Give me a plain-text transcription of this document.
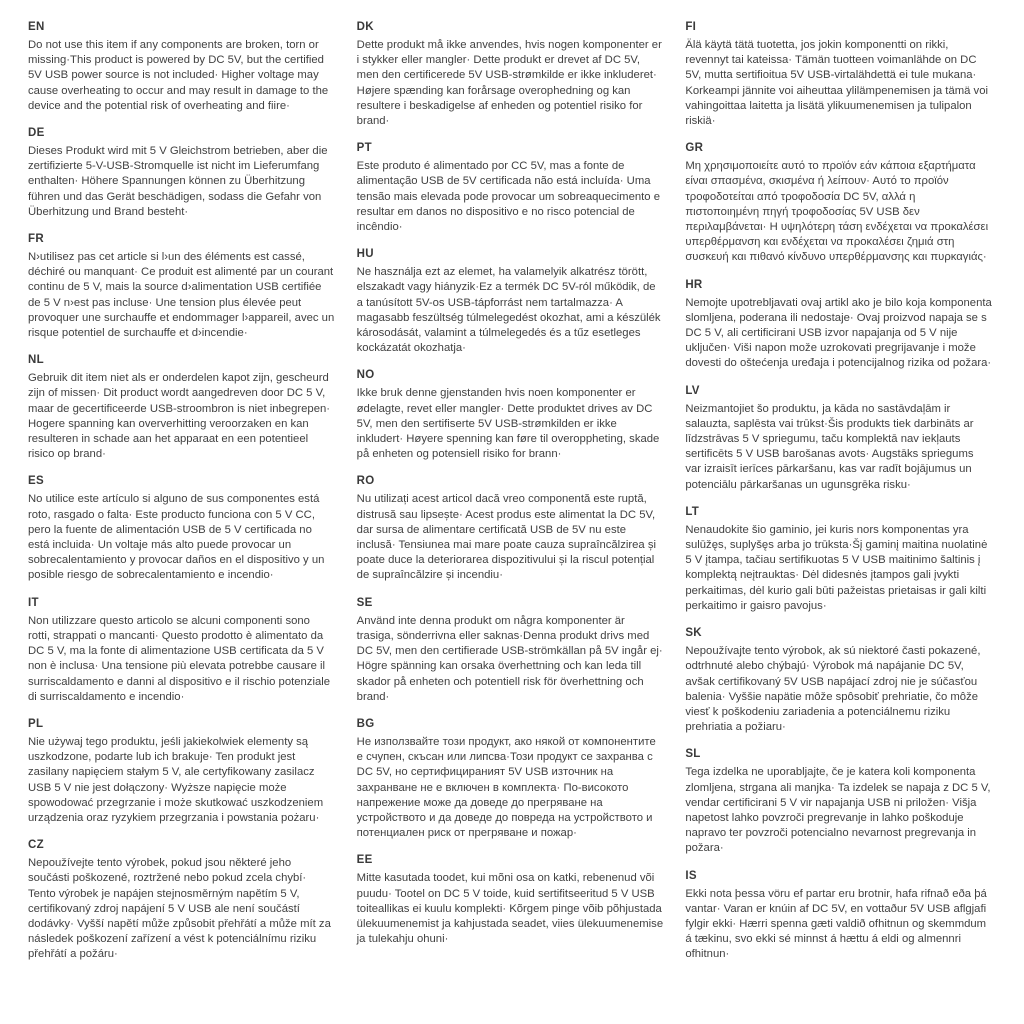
EN

Do not use this item if any components are broken, torn or missing·This product is powered by DC 5V, but the certified 5V USB power source is not included· Higher voltage may cause overheating to occur and may result in damage to the device and the potential risk of overheating and fiire·

DE

Dieses Produkt wird mit 5 V Gleichstrom betrieben, aber die zertifizierte 5-V-USB-Stromquelle ist nicht im Lieferumfang enthalten· Höhere Spannungen können zu Überhitzung führen und das Gerät beschädigen, sodass die Gefahr von Überhitzung und Brand besteht·

FR

N›utilisez pas cet article si l›un des éléments est cassé, déchiré ou manquant· Ce produit est alimenté par un courant continu de 5 V, mais la source d›alimentation USB certifiée de 5 V n›est pas incluse· Une tension plus élevée peut provoquer une surchauffe et endommager l›appareil, avec un risque potentiel de surchauffe et d›incendie·

NL

Gebruik dit item niet als er onderdelen kapot zijn, gescheurd zijn of missen· Dit product wordt aangedreven door DC 5 V, maar de gecertificeerde USB-stroombron is niet inbegrepen· Hogere spanning kan oververhitting veroorzaken en kan resulteren in schade aan het apparaat en een potentieel risico op brand·

ES

No utilice este artículo si alguno de sus componentes está roto, rasgado o falta· Este producto funciona con 5 V CC, pero la fuente de alimentación USB de 5 V certificada no está incluida· Un voltaje más alto puede provocar un sobrecalentamiento y provocar daños en el dispositivo y un posible riesgo de sobrecalentamiento e incendio·

IT

Non utilizzare questo articolo se alcuni componenti sono rotti, strappati o mancanti· Questo prodotto è alimentato da DC 5 V, ma la fonte di alimentazione USB certificata da 5 V non è inclusa· Una tensione più elevata potrebbe causare il surriscaldamento e danni al dispositivo e il rischio potenziale di surriscaldamento e incendio·

PL

Nie używaj tego produktu, jeśli jakiekolwiek elementy są uszkodzone, podarte lub ich brakuje· Ten produkt jest zasilany napięciem stałym 5 V, ale certyfikowany zasilacz USB 5 V nie jest dołączony· Wyższe napięcie może spowodować przegrzanie i może skutkować uszkodzeniem urządzenia oraz ryzykiem przegrzania i powstania pożaru·

CZ

Nepoužívejte tento výrobek, pokud jsou některé jeho součásti poškozené, roztržené nebo pokud zcela chybí· Tento výrobek je napájen stejnosměrným napětím 5 V, certifikovaný zdroj napájení 5 V USB ale není součástí dodávky· Vyšší napětí může způsobit přehřátí a může mít za následek poškození zařízení a vést k potenciálnímu riziku přehřátí a požáru·

DK

Dette produkt må ikke anvendes, hvis nogen komponenter er i stykker eller mangler· Dette produkt er drevet af DC 5V, men den certificerede 5V USB-strømkilde er ikke inkluderet· Højere spænding kan forårsage overophedning og kan resultere i beskadigelse af enheden og potentiel risiko for brand·

PT

Este produto é alimentado por CC 5V, mas a fonte de alimentação USB de 5V certificada não está incluída· Uma tensão mais elevada pode provocar um sobreaquecimento e resultar em danos no dispositivo e no risco potencial de incêndio·

HU

Ne használja ezt az elemet, ha valamelyik alkatrész törött, elszakadt vagy hiányzik·Ez a termék DC 5V-ról működik, de a tanúsított 5V-os USB-tápforrást nem tartalmazza· A magasabb feszültség túlmelegedést okozhat, ami a készülék károsodását, valamint a túlmelegedés és a tűz esetleges kockázatát okozhatja·

NO

Ikke bruk denne gjenstanden hvis noen komponenter er ødelagte, revet eller mangler· Dette produktet drives av DC 5V, men den sertifiserte 5V USB-strømkilden er ikke inkludert· Høyere spenning kan føre til overoppheting, skade på enheten og potensiell risiko for brann·

RO

Nu utilizați acest articol dacă vreo componentă este ruptă, distrusă sau lipsește· Acest produs este alimentat la DC 5V, dar sursa de alimentare certificată USB de 5V nu este inclusă· Tensiunea mai mare poate cauza supraîncălzirea și poate duce la deteriorarea dispozitivului și la riscul potențial de supraîncălzire și incendiu·

SE

Använd inte denna produkt om några komponenter är trasiga, sönderrivna eller saknas·Denna produkt drivs med DC 5V, men den certifierade USB-strömkällan på 5V ingår ej· Högre spänning kan orsaka överhettning och kan leda till skador på enheten och potentiell risk för överhettning och brand·

BG

Не използвайте този продукт, ако някой от компонентите е счупен, скъсан или липсва·Този продукт се захранва с DC 5V, но сертифицираният 5V USB източник на захранване не е включен в комплекта· По-високото напрежение може да доведе до прегряване на устройството и да доведе до повреда на устройството и потенциален риск от прегряване и пожар·

EE

Mitte kasutada toodet, kui mõni osa on katki, rebenenud või puudu· Tootel on DC 5 V toide, kuid sertifitseeritud 5 V USB toiteallikas ei kuulu komplekti· Kõrgem pinge võib põhjustada ülekuumenemist ja kahjustada seadet, viies ülekuumenemise ja tulekahju ohuni·

FI

Älä käytä tätä tuotetta, jos jokin komponentti on rikki, revennyt tai kateissa· Tämän tuotteen voimanlähde on DC 5V, mutta sertifioitua 5V USB-virtalähdettä ei tule mukana· Korkeampi jännite voi aiheuttaa ylilämpenemisen ja tämä voi vahingoittaa laitetta ja lisätä ylikuumenemisen ja tulipalon riskiä·

GR

Μη χρησιμοποιείτε αυτό το προϊόν εάν κάποια εξαρτήματα είναι σπασμένα, σκισμένα ή λείπουν· Αυτό το προϊόν τροφοδοτείται από τροφοδοσία DC 5V, αλλά η πιστοποιημένη πηγή τροφοδοσίας 5V USB δεν περιλαμβάνεται· Η υψηλότερη τάση ενδέχεται να προκαλέσει υπερθέρμανση και ενδέχεται να προκαλέσει ζημιά στη συσκευή και πιθανό κίνδυνο υπερθέρμανσης και πυρκαγιάς·

HR

Nemojte upotrebljavati ovaj artikl ako je bilo koja komponenta slomljena, poderana ili nedostaje· Ovaj proizvod napaja se s DC 5 V, ali certificirani USB izvor napajanja od 5 V nije uključen· Viši napon može uzrokovati pregrijavanje i može dovesti do oštećenja uređaja i potencijalnog rizika od požara·

LV

Neizmantojiet šo produktu, ja kāda no sastāvdaļām ir salauzta, saplēsta vai trūkst·Šis produkts tiek darbināts ar līdzstrāvas 5 V spriegumu, taču komplektā nav iekļauts sertificēts 5 V USB barošanas avots· Augstāks spriegums var izraisīt ierīces pārkaršanu, kas var radīt bojājumus un potenciālu pārkaršanas un ugunsgrēka risku·

LT

Nenaudokite šio gaminio, jei kuris nors komponentas yra sulūžęs, suplyšęs arba jo trūksta·Šį gaminį maitina nuolatinė 5 V įtampa, tačiau sertifikuotas 5 V USB maitinimo šaltinis į komplektą neįtrauktas· Dėl didesnės įtampos gali įvykti perkaitimas, dėl kurio gali būti pažeistas prietaisas ir gali kilti perkaitimo ir gaisro pavojus·

SK

Nepoužívajte tento výrobok, ak sú niektoré časti pokazené, odtrhnuté alebo chýbajú· Výrobok má napájanie DC 5V, avšak certifikovaný 5V USB napájací zdroj nie je súčasťou balenia· Vyššie napätie môže spôsobiť prehriatie, čo môže viesť k poškodeniu zariadenia a potenciálnemu riziku prehriatia a požiaru·

SL

Tega izdelka ne uporabljajte, če je katera koli komponenta zlomljena, strgana ali manjka· Ta izdelek se napaja z DC 5 V, vendar certificirani 5 V vir napajanja USB ni priložen· Višja napetost lahko povzroči pregrevanje in lahko poškoduje napravo ter povzroči potencialno nevarnost pregrevanja in požara·

IS

Ekki nota þessa vöru ef partar eru brotnir, hafa rifnað eða þá vantar· Varan er knúin af DC 5V, en vottaður 5V USB aflgjafi fylgir ekki· Hærri spenna gæti valdið ofhitnun og skemmdum á tækinu, svo ekki sé minnst á hættu á eldi og almennri ofhitnun·
